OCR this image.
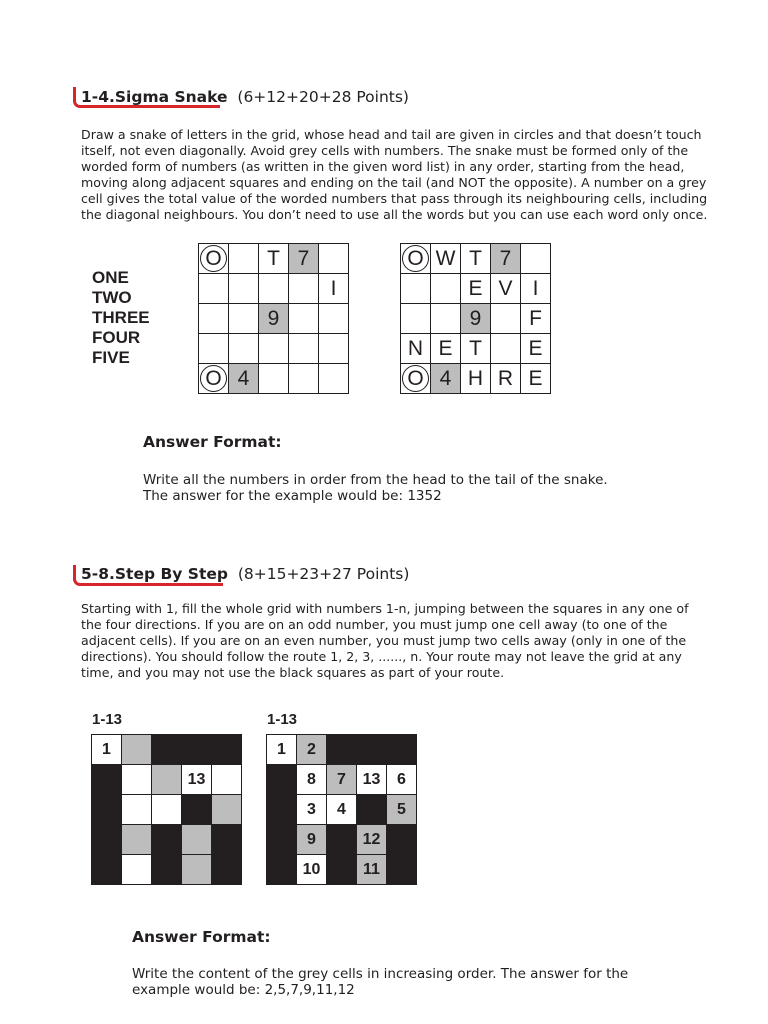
1-4.Sigma Snake (6+12+20+28 Points)
Draw a snake of letters in the grid, whose head and tail are given in circles and that doesn’t touch
itself, not even diagonally. Avoid grey cells with numbers. The snake must be formed only of the
worded form of numbers (as written in the given word list) in any order, starting from the head,
moving along adjacent squares and ending on the tail (and NOT the opposite). A number on a grey
cell gives the total value of the worded numbers that pass through its neighbouring cells, including
the diagonal neighbours. You don’t need to use all the words but you can use each word only once.
ONE
TWO
THREE
FOUR
FIVE
O		T	7	
				I
		9		

O	4			
O	W	T	7	
		E	V	I
		9		F
N	E	T		E

O	4	H	R	E
Answer Format:
Write all the numbers in order from the head to the tail of the snake.
The answer for the example would be: 1352
5-8.Step By Step (8+15+23+27 Points)
Starting with 1, fill the whole grid with numbers 1-n, jumping between the squares in any one of
the four directions. If you are on an odd number, you must jump one cell away (to one of the
adjacent cells). If you are on an even number, you must jump two cells away (only in one of the
directions). You should follow the route 1, 2, 3, ......, n. Your route may not leave the grid at any
time, and you may not use the black squares as part of your route.
1-13	1-13
1				
			13	

1	2			
	8	7	13	6
	3	4		5
	9		12	
	10		11	
Answer Format:
Write the content of the grey cells in increasing order. The answer for the
example would be: 2,5,7,9,11,12
